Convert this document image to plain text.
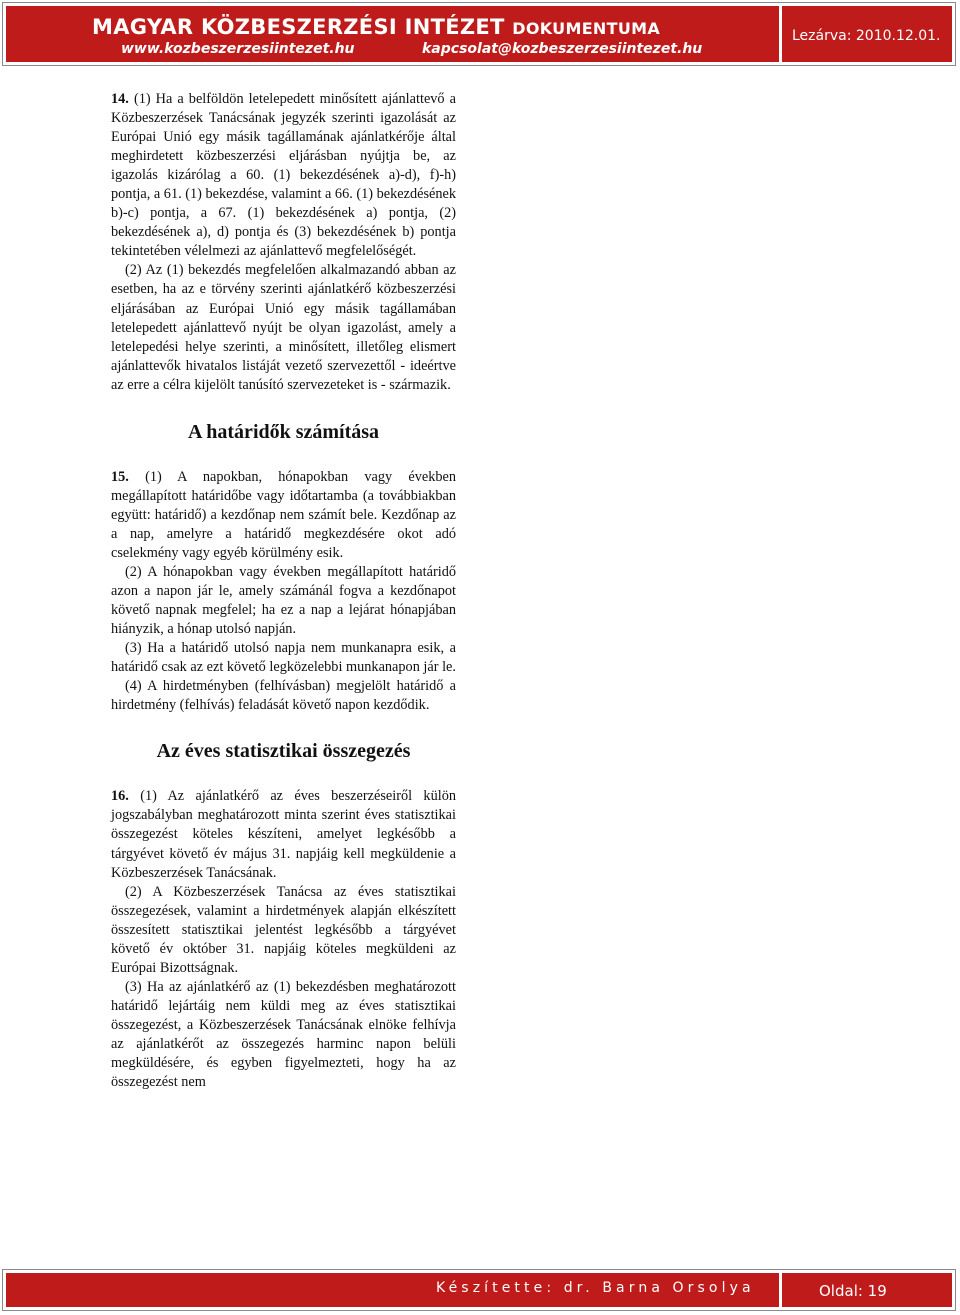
MAGYAR KÖZBESZERZÉSI INTÉZET DOKUMENTUMA
www.kozbeszerzesiintezet.hu	kapcsolat@kozbeszerzesiintezet.hu
Lezárva: 2010.12.01.

14. (1) Ha a belföldön letelepedett minősített ajánlattevő a Közbeszerzések Tanácsának jegyzék szerinti igazolását az Európai Unió egy másik tagállamának ajánlatkérője által meghirdetett közbeszerzési eljárásban nyújtja be, az igazolás kizárólag a 60. (1) bekezdésének a)-d), f)-h) pontja, a 61. (1) bekezdése, valamint a 66. (1) bekezdésének b)-c) pontja, a 67. (1) bekezdésének a) pontja, (2) bekezdésének a), d) pontja és (3) bekezdésének b) pontja tekintetében vélelmezi az ajánlattevő megfelelőségét.

(2) Az (1) bekezdés megfelelően alkalmazandó abban az esetben, ha az e törvény szerinti ajánlatkérő közbeszerzési eljárásában az Európai Unió egy másik tagállamában letelepedett ajánlattevő nyújt be olyan igazolást, amely a letelepedési helye szerinti, a minősített, illetőleg elismert ajánlattevők hivatalos listáját vezető szervezettől - ideértve az erre a célra kijelölt tanúsító szervezeteket is - származik.

A határidők számítása

15. (1) A napokban, hónapokban vagy években megállapított határidőbe vagy időtartamba (a továbbiakban együtt: határidő) a kezdőnap nem számít bele. Kezdőnap az a nap, amelyre a határidő megkezdésére okot adó cselekmény vagy egyéb körülmény esik.

(2) A hónapokban vagy években megállapított határidő azon a napon jár le, amely számánál fogva a kezdőnapot követő napnak megfelel; ha ez a nap a lejárat hónapjában hiányzik, a hónap utolsó napján.

(3) Ha a határidő utolsó napja nem munkanapra esik, a határidő csak az ezt követő legközelebbi munkanapon jár le.

(4) A hirdetményben (felhívásban) megjelölt határidő a hirdetmény (felhívás) feladását követő napon kezdődik.

Az éves statisztikai összegezés

16. (1) Az ajánlatkérő az éves beszerzéseiről külön jogszabályban meghatározott minta szerint éves statisztikai összegezést köteles készíteni, amelyet legkésőbb a tárgyévet követő év május 31. napjáig kell megküldenie a Közbeszerzések Tanácsának.

(2) A Közbeszerzések Tanácsa az éves statisztikai összegezések, valamint a hirdetmények alapján elkészített összesített statisztikai jelentést legkésőbb a tárgyévet követő év október 31. napjáig köteles megküldeni az Európai Bizottságnak.

(3) Ha az ajánlatkérő az (1) bekezdésben meghatározott határidő lejártáig nem küldi meg az éves statisztikai összegezést, a Közbeszerzések Tanácsának elnöke felhívja az ajánlatkérőt az összegezés harminc napon belüli megküldésére, és egyben figyelmezteti, hogy ha az összegezést nem

Készítette: dr. Barna Orsolya	Oldal: 19
